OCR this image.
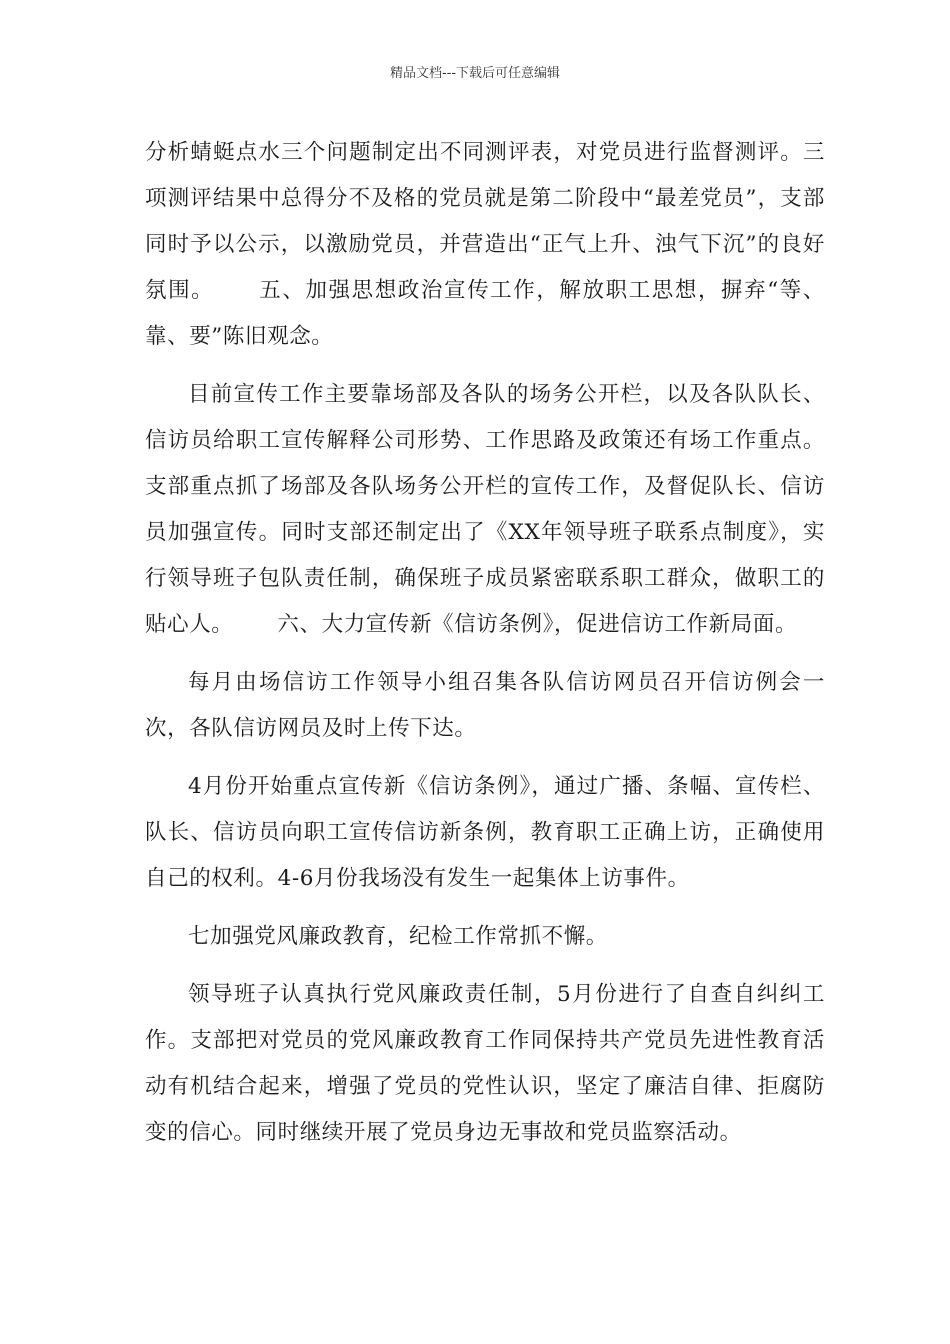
精品文档---下载后可任意编辑

分析蜻蜓点水三个问题制定出不同测评表，对党员进行监督测评。三项测评结果中总得分不及格的党员就是第二阶段中“最差党员”，支部同时予以公示，以激励党员，并营造出“正气上升、浊气下沉”的良好氛围。 五、加强思想政治宣传工作，解放职工思想，摒弃“等、靠、要”陈旧观念。

目前宣传工作主要靠场部及各队的场务公开栏，以及各队队长、信访员给职工宣传解释公司形势、工作思路及政策还有场工作重点。支部重点抓了场部及各队场务公开栏的宣传工作，及督促队长、信访员加强宣传。同时支部还制定出了《XX年领导班子联系点制度》，实行领导班子包队责任制，确保班子成员紧密联系职工群众，做职工的贴心人。 六、大力宣传新《信访条例》，促进信访工作新局面。

每月由场信访工作领导小组召集各队信访网员召开信访例会一次，各队信访网员及时上传下达。

4月份开始重点宣传新《信访条例》，通过广播、条幅、宣传栏、队长、信访员向职工宣传信访新条例，教育职工正确上访，正确使用自己的权利。4-6月份我场没有发生一起集体上访事件。

七加强党风廉政教育，纪检工作常抓不懈。

领导班子认真执行党风廉政责任制，5月份进行了自查自纠纠工作。支部把对党员的党风廉政教育工作同保持共产党员先进性教育活动有机结合起来，增强了党员的党性认识，坚定了廉洁自律、拒腐防变的信心。同时继续开展了党员身边无事故和党员监察活动。
